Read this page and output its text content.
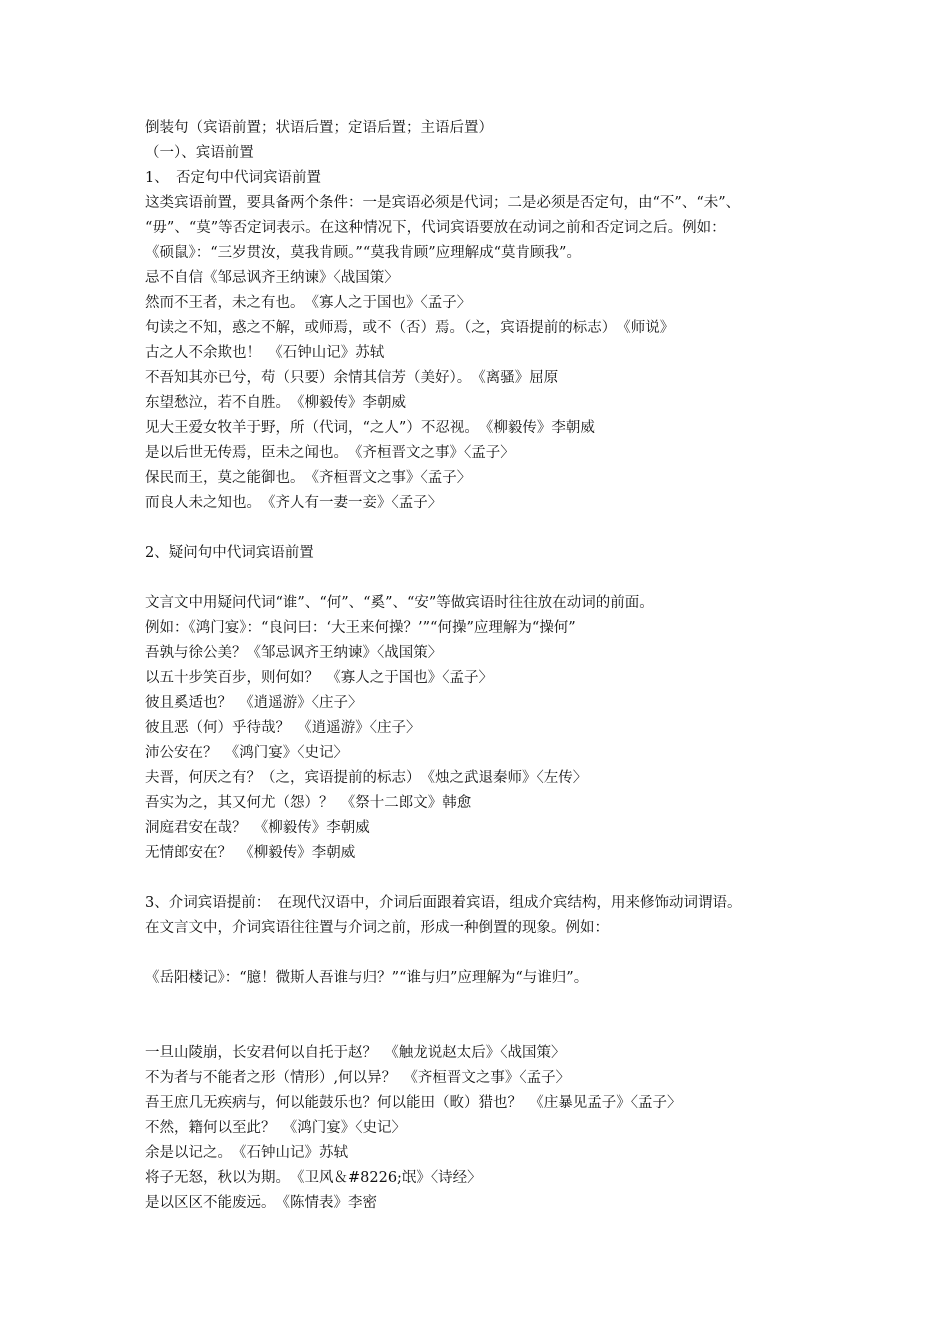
倒装句（宾语前置；状语后置；定语后置；主语后置）
（一）、宾语前置
1、　否定句中代词宾语前置
这类宾语前置，要具备两个条件：一是宾语必须是代词；二是必须是否定句，由“不”、“未”、
“毋”、“莫”等否定词表示。在这种情况下，代词宾语要放在动词之前和否定词之后。例如：
《硕鼠》：“三岁贯汝，莫我肯顾。”“莫我肯顾”应理解成“莫肯顾我”。
忌不自信《邹忌讽齐王纳谏》〈战国策〉
然而不王者，未之有也。　《寡人之于国也》〈孟子〉
句读之不知，惑之不解，或师焉，或不（否）焉。（之，宾语提前的标志）　《师说》
古之人不余欺也！　《石钟山记》苏轼
不吾知其亦已兮，苟（只要）余情其信芳（美好）。　《离骚》屈原
东望愁泣，若不自胜。　《柳毅传》李朝威
见大王爱女牧羊于野，所（代词，“之人”）不忍视。　《柳毅传》李朝威
是以后世无传焉，臣未之闻也。　《齐桓晋文之事》〈孟子〉
保民而王，莫之能御也。　《齐桓晋文之事》〈孟子〉
而良人未之知也。　《齐人有一妻一妾》〈孟子〉
2、疑问句中代词宾语前置
文言文中用疑问代词“谁”、“何”、“奚”、“安”等做宾语时往往放在动词的前面。
例如：《鸿门宴》：“良问曰：‘大王来何操？’”“何操”应理解为“操何”
吾孰与徐公美？《邹忌讽齐王纳谏》〈战国策〉
以五十步笑百步，则何如？　《寡人之于国也》〈孟子〉
彼且奚适也？　《逍遥游》〈庄子〉
彼且恶（何）乎待哉？　《逍遥游》〈庄子〉
沛公安在？　《鸿门宴》〈史记〉
夫晋，何厌之有？（之，宾语提前的标志）　《烛之武退秦师》〈左传〉
吾实为之，其又何尤（怨）？　《祭十二郎文》韩愈
洞庭君安在哉？　《柳毅传》李朝威
无情郎安在？　《柳毅传》李朝威
3、介词宾语提前：　在现代汉语中，介词后面跟着宾语，组成介宾结构，用来修饰动词谓语。
在文言文中，介词宾语往往置与介词之前，形成一种倒置的现象。例如：
《岳阳楼记》：“臆！微斯人吾谁与归？”“谁与归”应理解为“与谁归”。
一旦山陵崩，长安君何以自托于赵？　《触龙说赵太后》〈战国策〉
不为者与不能者之形（情形）,何以异？　《齐桓晋文之事》〈孟子〉
吾王庶几无疾病与，何以能鼓乐也？何以能田（畋）猎也？　《庄暴见孟子》〈孟子〉
不然，籍何以至此？　《鸿门宴》〈史记〉
余是以记之。　《石钟山记》苏轼
将子无怒，秋以为期。　《卫风＆#8226;氓》〈诗经〉
是以区区不能废远。　《陈情表》李密
